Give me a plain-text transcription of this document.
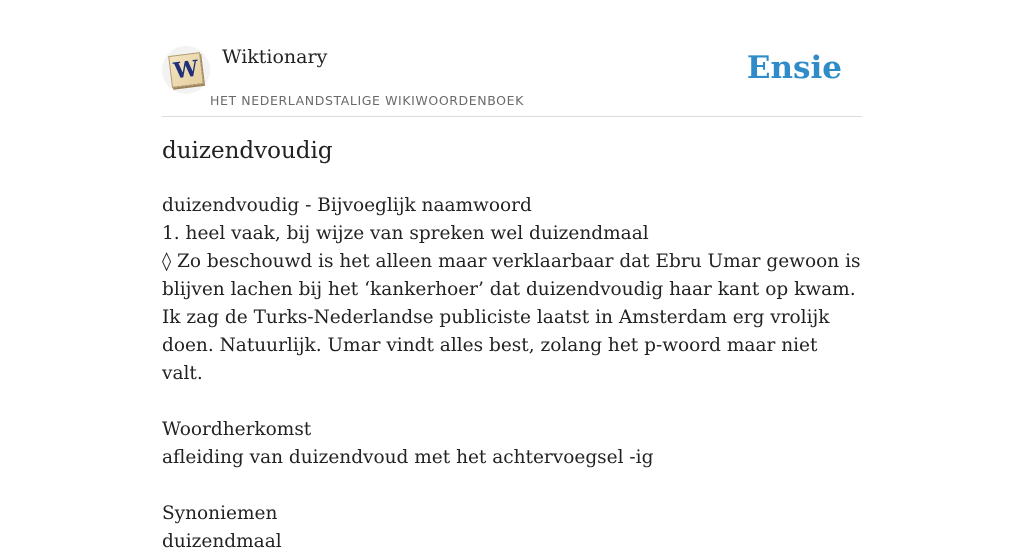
W Wiktionary
HET NEDERLANDSTALIGE WIKIWOORDENBOEK
Ensie
duizendvoudig

duizendvoudig - Bijvoeglijk naamwoord

1. heel vaak, bij wijze van spreken wel duizendmaal

◊ Zo beschouwd is het alleen maar verklaarbaar dat Ebru Umar gewoon is blijven lachen bij het ‘kankerhoer’ dat duizendvoudig haar kant op kwam. Ik zag de Turks-Nederlandse publiciste laatst in Amsterdam erg vrolijk doen. Natuurlijk. Umar vindt alles best, zolang het p-woord maar niet valt.

Woordherkomst

afleiding van duizendvoud met het achtervoegsel -ig

Synoniemen

duizendmaal
